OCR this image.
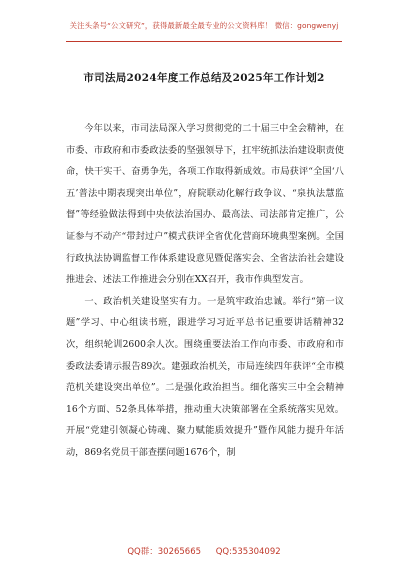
关注头条号“公文研究”，获得最新最全最专业的公文资料库！ 微信：gongwenyj
市司法局2024年度工作总结及2025年工作计划2

今年以来，市司法局深入学习贯彻党的二十届三中全会精神，在市委、市政府和市委政法委的坚强领导下，扛牢统抓法治建设职责使命，快干实干、奋勇争先，各项工作取得新成效。市局获评“全国‘八五’普法中期表现突出单位”，府院联动化解行政争议、“泉执法慧监督”等经验做法得到中央依法治国办、最高法、司法部肯定推广，公证参与不动产“带封过户”模式获评全省优化营商环境典型案例。全国行政执法协调监督工作体系建设意见暨促落实会、全省法治社会建设推进会、述法工作推进会分别在XX召开，我市作典型发言。

一、政治机关建设坚实有力。一是筑牢政治忠诚。举行“第一议题”学习、中心组读书班，跟进学习习近平总书记重要讲话精神32次，组织轮训2600余人次。围绕重要法治工作向市委、市政府和市委政法委请示报告89次。建强政治机关，市局连续四年获评“全市模范机关建设突出单位”。二是强化政治担当。细化落实三中全会精神16个方面、52条具体举措，推动重大决策部署在全系统落实见效。开展“党建引领凝心铸魂、聚力赋能质效提升”暨作风能力提升年活动，869名党员干部查摆问题1676个，制

QQ群：30265665 QQ:535304092
